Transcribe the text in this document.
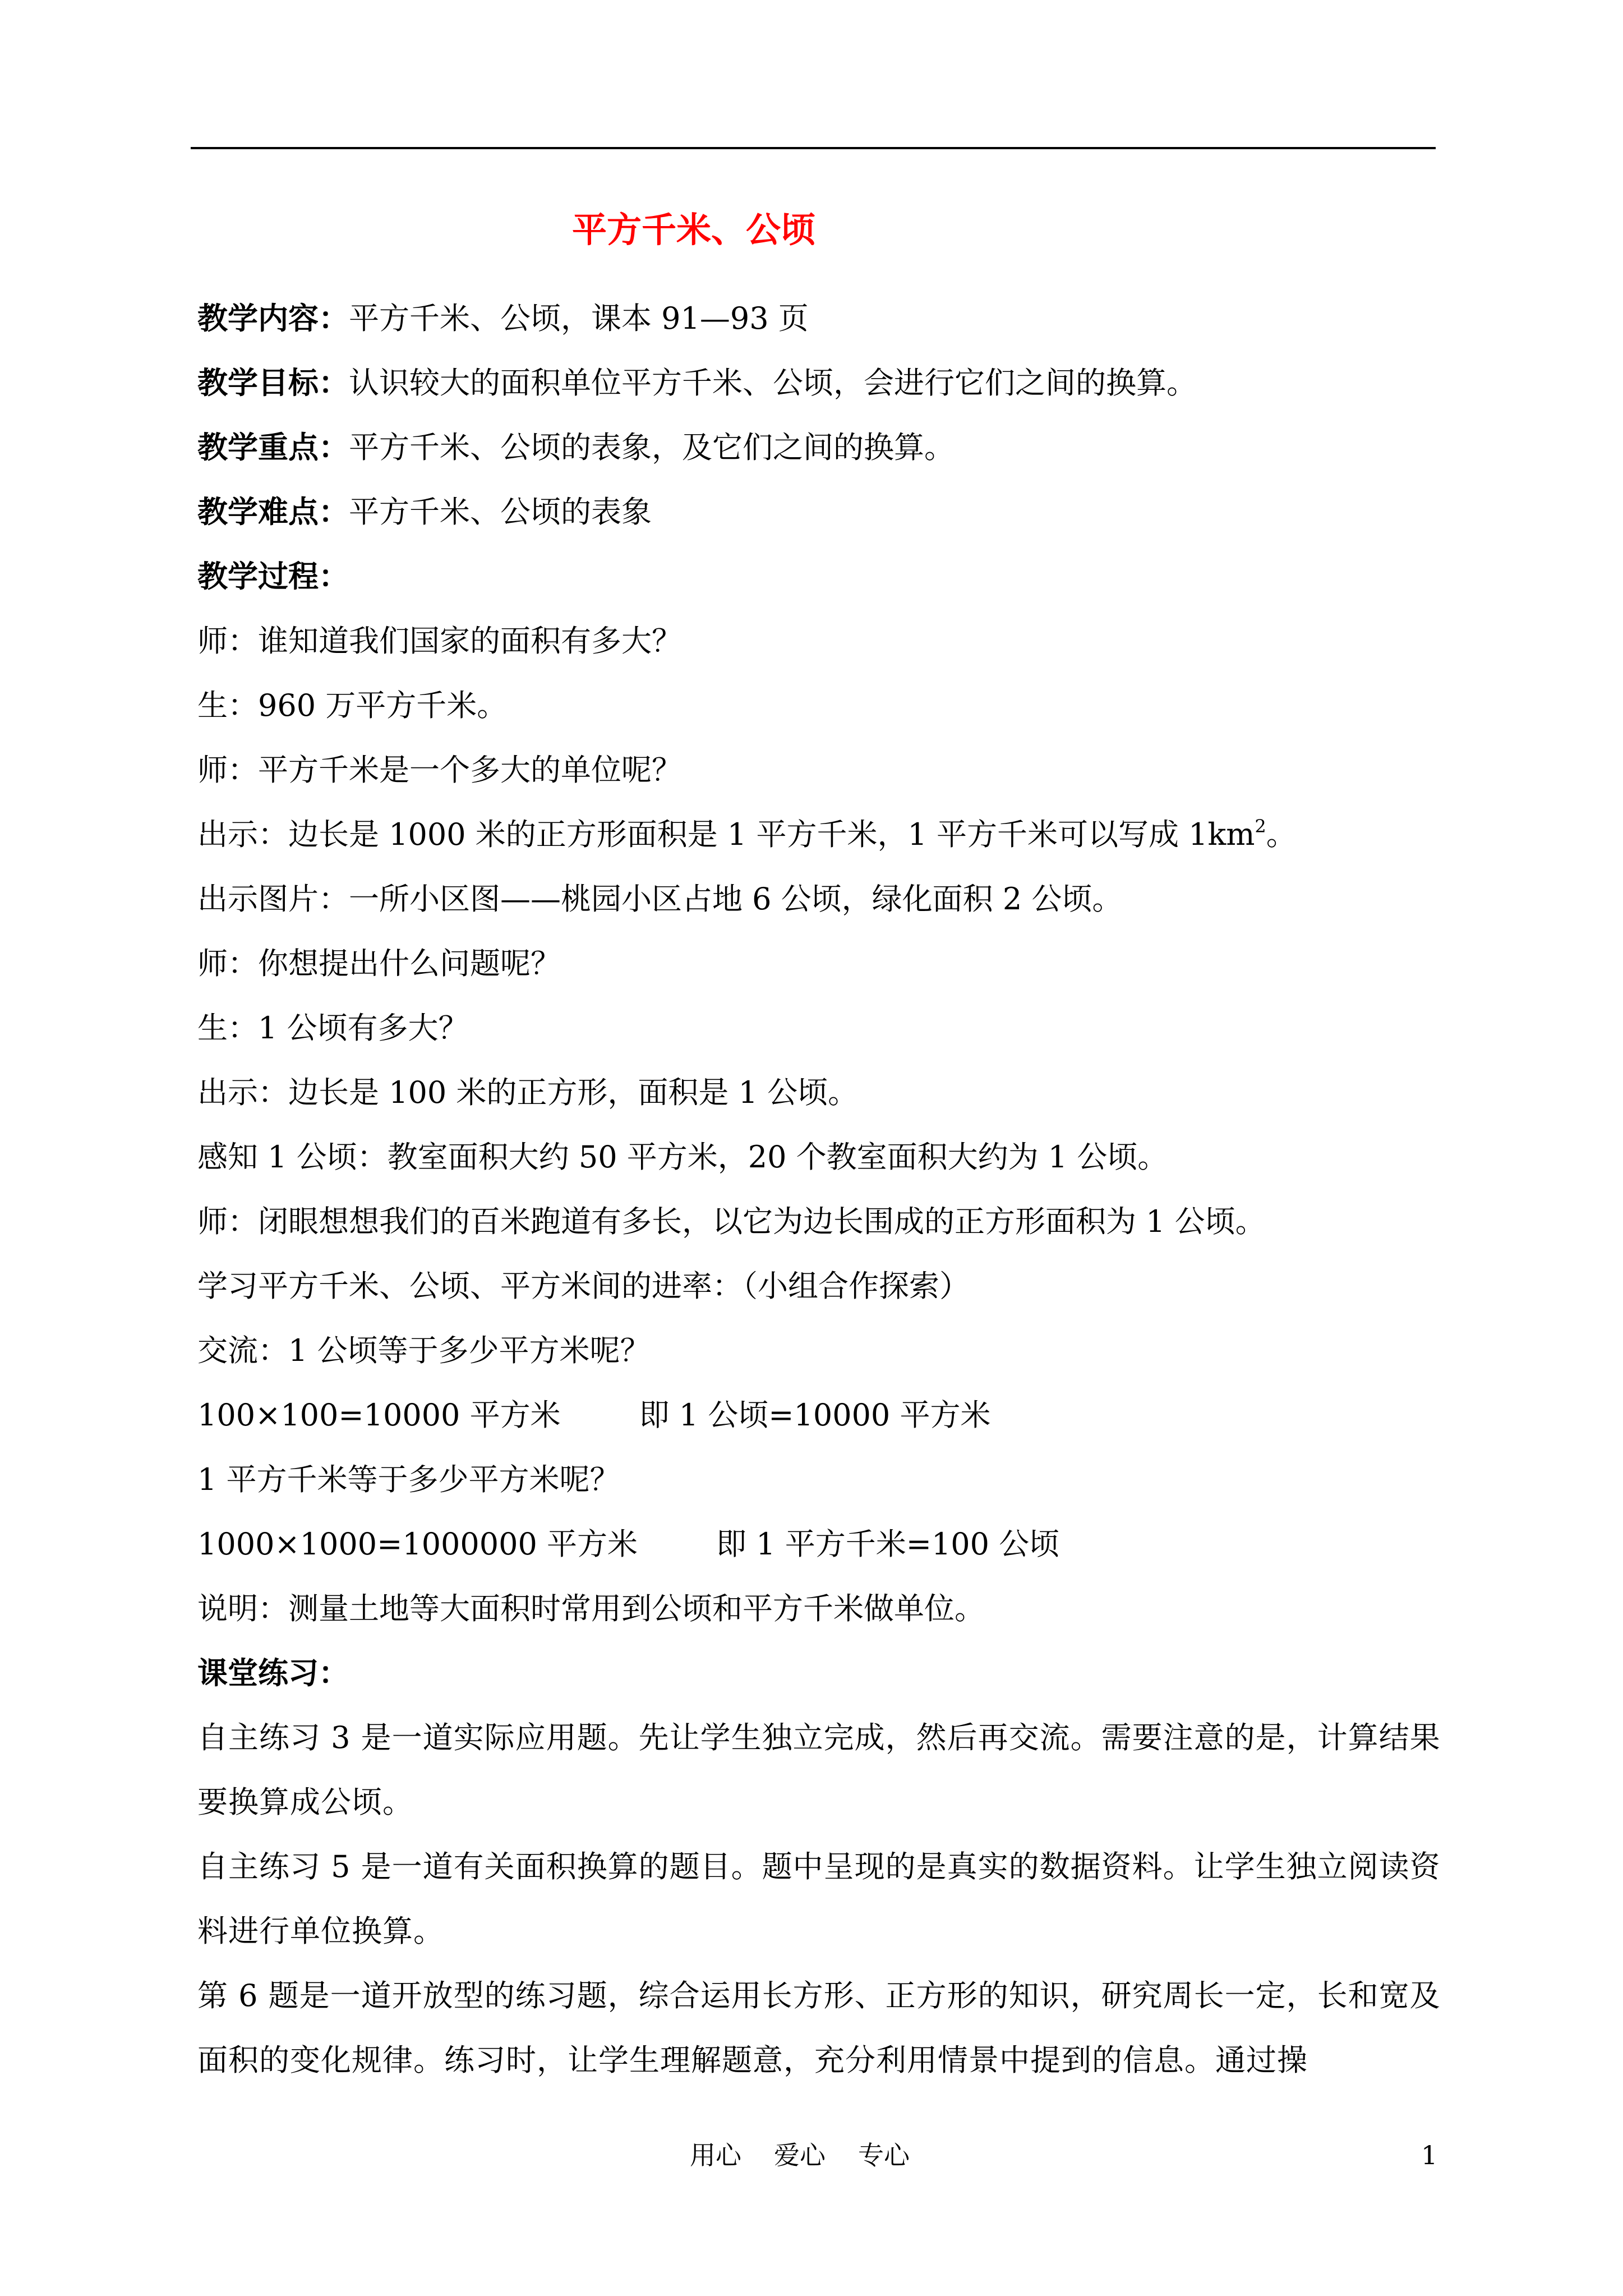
平方千米、公顷
教学内容：平方千米、公顷，课本 91—93 页
教学目标：认识较大的面积单位平方千米、公顷，会进行它们之间的换算。
教学重点：平方千米、公顷的表象，及它们之间的换算。
教学难点：平方千米、公顷的表象
教学过程：
师：谁知道我们国家的面积有多大？
生：960 万平方千米。
师：平方千米是一个多大的单位呢？
出示：边长是 1000 米的正方形面积是 1 平方千米，1 平方千米可以写成 $1km^2$。
出示图片：一所小区图——桃园小区占地 6 公顷，绿化面积 2 公顷。
师：你想提出什么问题呢？
生：1 公顷有多大？
出示：边长是 100 米的正方形，面积是 1 公顷。
感知 1 公顷：教室面积大约 50 平方米，20 个教室面积大约为 1 公顷。
师：闭眼想想我们的百米跑道有多长，以它为边长围成的正方形面积为 1 公顷。
学习平方千米、公顷、平方米间的进率：（小组合作探索）
交流：1 公顷等于多少平方米呢？
100×100=10000 平方米	即 1 公顷=10000 平方米
1 平方千米等于多少平方米呢？
1000×1000=1000000 平方米	即 1 平方千米=100 公顷
说明：测量土地等大面积时常用到公顷和平方千米做单位。
课堂练习：
自主练习 3 是一道实际应用题。先让学生独立完成，然后再交流。需要注意的是，计算结果要换算成公顷。
自主练习 5 是一道有关面积换算的题目。题中呈现的是真实的数据资料。让学生独立阅读资料进行单位换算。
第 6 题是一道开放型的练习题，综合运用长方形、正方形的知识，研究周长一定，长和宽及面积的变化规律。练习时，让学生理解题意，充分利用情景中提到的信息。通过操
用心 爱心 专心	1
